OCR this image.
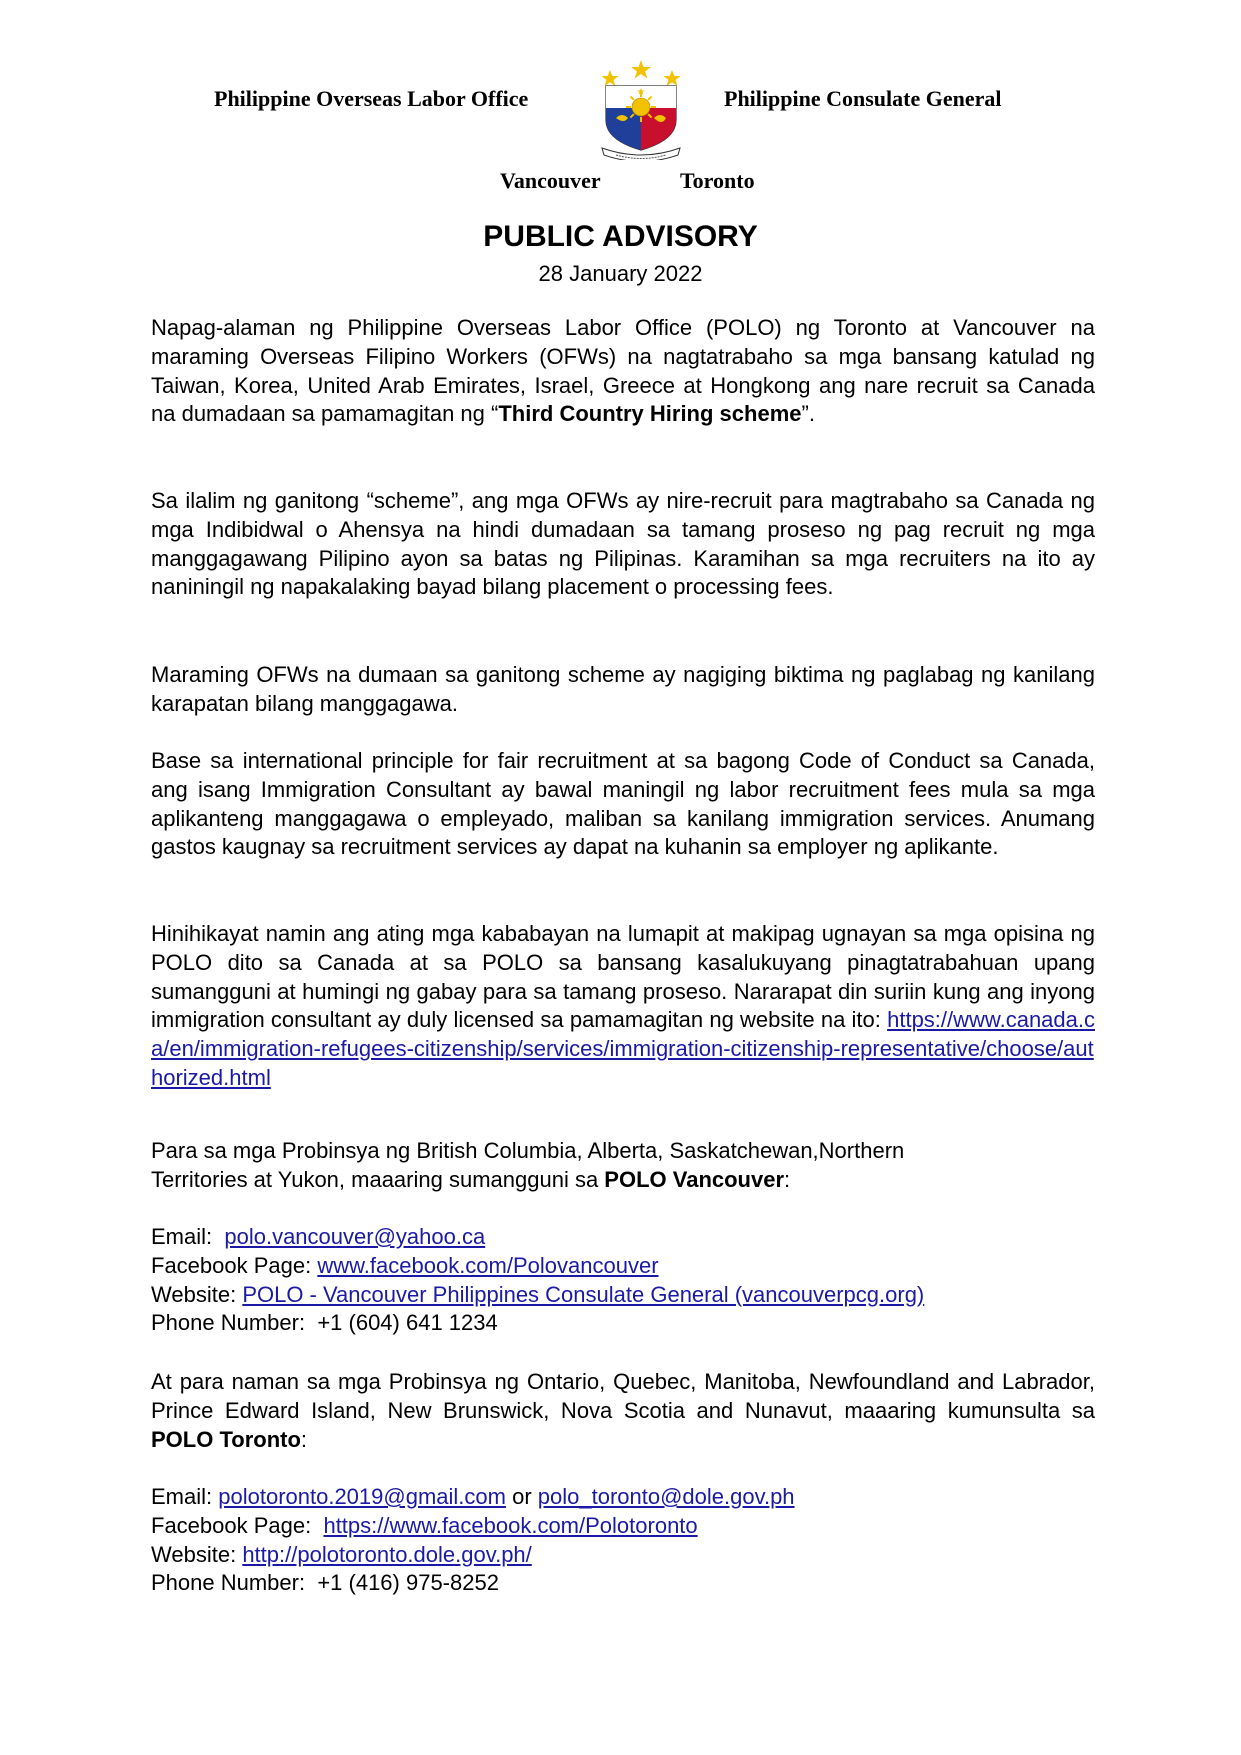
Philippine Overseas Labor Office	Philippine Consulate General
Vancouver	Toronto
PUBLIC ADVISORY
28 January 2022

Napag-alaman ng Philippine Overseas Labor Office (POLO) ng Toronto at Vancouver na maraming Overseas Filipino Workers (OFWs) na nagtatrabaho sa mga bansang katulad ng Taiwan, Korea, United Arab Emirates, Israel, Greece at Hongkong ang nare recruit sa Canada na dumadaan sa pamamagitan ng “Third Country Hiring scheme”.

Sa ilalim ng ganitong “scheme”, ang mga OFWs ay nire-recruit para magtrabaho sa Canada ng mga Indibidwal o Ahensya na hindi dumadaan sa tamang proseso ng pag recruit ng mga manggagawang Pilipino ayon sa batas ng Pilipinas. Karamihan sa mga recruiters na ito ay naniningil ng napakalaking bayad bilang placement o processing fees.

Maraming OFWs na dumaan sa ganitong scheme ay nagiging biktima ng paglabag ng kanilang karapatan bilang manggagawa.

Base sa international principle for fair recruitment at sa bagong Code of Conduct sa Canada, ang isang Immigration Consultant ay bawal maningil ng labor recruitment fees mula sa mga aplikanteng manggagawa o empleyado, maliban sa kanilang immigration services. Anumang gastos kaugnay sa recruitment services ay dapat na kuhanin sa employer ng aplikante.

Hinihikayat namin ang ating mga kababayan na lumapit at makipag ugnayan sa mga opisina ng POLO dito sa Canada at sa POLO sa bansang kasalukuyang pinagtatrabahuan upang sumangguni at humingi ng gabay para sa tamang proseso. Nararapat din suriin kung ang inyong immigration consultant ay duly licensed sa pamamagitan ng website na ito: https://www.canada.ca/en/immigration-refugees-citizenship/services/immigration-citizenship-representative/choose/authorized.html

Para sa mga Probinsya ng British Columbia, Alberta, Saskatchewan,Northern
Territories at Yukon, maaaring sumangguni sa POLO Vancouver:

Email:  polo.vancouver@yahoo.ca
Facebook Page: www.facebook.com/Polovancouver
Website: POLO - Vancouver Philippines Consulate General (vancouverpcg.org)
Phone Number:  +1 (604) 641 1234

At para naman sa mga Probinsya ng Ontario, Quebec, Manitoba, Newfoundland and Labrador, Prince Edward Island, New Brunswick, Nova Scotia and Nunavut, maaaring kumunsulta sa POLO Toronto:

Email: polotoronto.2019@gmail.com or polo_toronto@dole.gov.ph
Facebook Page:  https://www.facebook.com/Polotoronto
Website: http://polotoronto.dole.gov.ph/
Phone Number:  +1 (416) 975-8252
